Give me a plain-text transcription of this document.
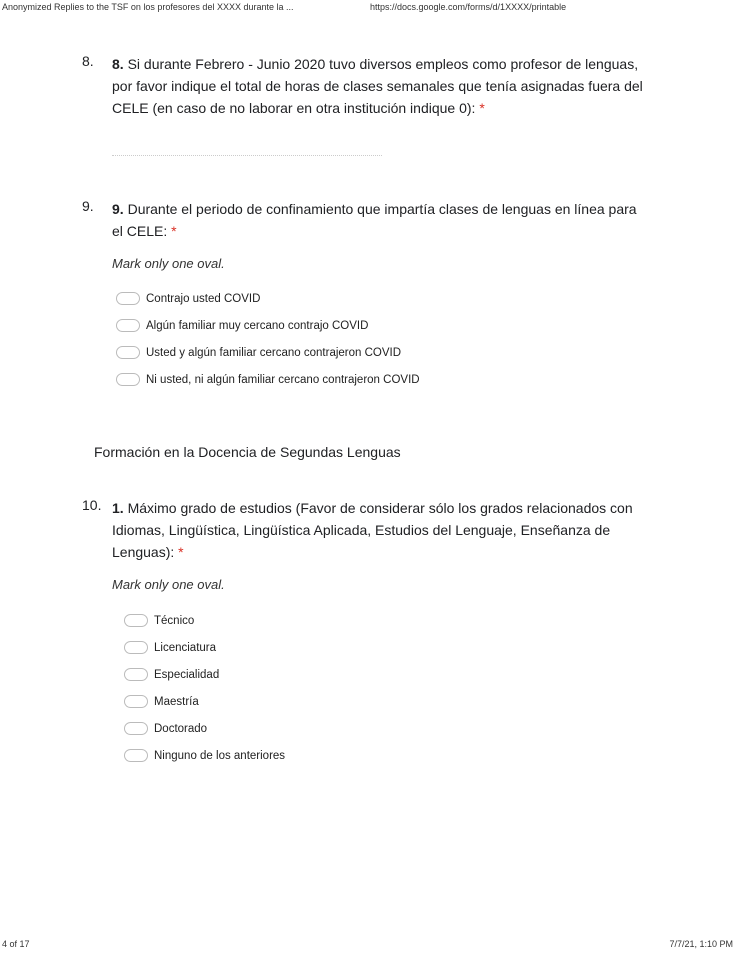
Anonymized Replies to the TSF on los profesores del XXXX durante la ...	https://docs.google.com/forms/d/1XXXX/printable
8. 8. Si durante Febrero - Junio 2020 tuvo diversos empleos como profesor de lenguas, por favor indique el total de horas de clases semanales que tenía asignadas fuera del CELE (en caso de no laborar en otra institución indique 0): *
9. 9. Durante el periodo de confinamiento que impartía clases de lenguas en línea para el CELE: *
Mark only one oval.
Contrajo usted COVID
Algún familiar muy cercano contrajo COVID
Usted y algún familiar cercano contrajeron COVID
Ni usted, ni algún familiar cercano contrajeron COVID
Formación en la Docencia de Segundas Lenguas
10. 1. Máximo grado de estudios (Favor de considerar sólo los grados relacionados con Idiomas, Lingüística, Lingüística Aplicada, Estudios del Lenguaje, Enseñanza de Lenguas): *
Mark only one oval.
Técnico
Licenciatura
Especialidad
Maestría
Doctorado
Ninguno de los anteriores
4 of 17	7/7/21, 1:10 PM
